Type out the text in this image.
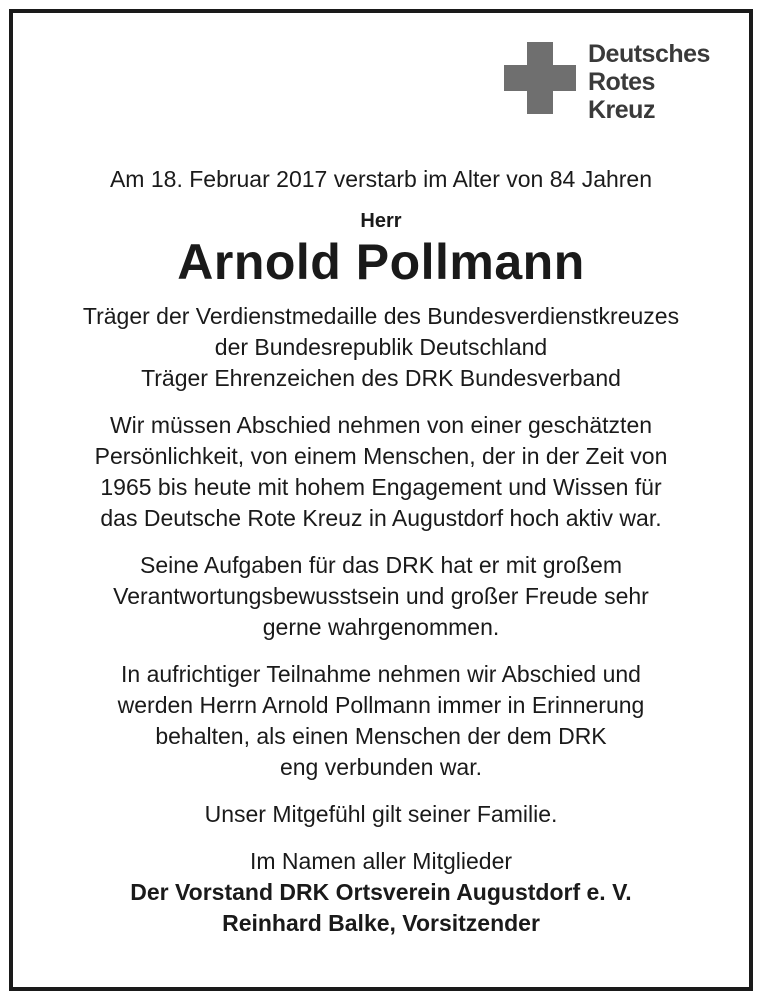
Deutsches
Rotes
Kreuz

Am 18. Februar 2017 verstarb im Alter von 84 Jahren

Herr

Arnold Pollmann

Träger der Verdienstmedaille des Bundesverdienstkreuzes

der Bundesrepublik Deutschland

Träger Ehrenzeichen des DRK Bundesverband

Wir müssen Abschied nehmen von einer geschätzten

Persönlichkeit, von einem Menschen, der in der Zeit von

1965 bis heute mit hohem Engagement und Wissen für

das Deutsche Rote Kreuz in Augustdorf hoch aktiv war.

Seine Aufgaben für das DRK hat er mit großem

Verantwortungsbewusstsein und großer Freude sehr

gerne wahrgenommen.

In aufrichtiger Teilnahme nehmen wir Abschied und

werden Herrn Arnold Pollmann immer in Erinnerung

behalten, als einen Menschen der dem DRK

eng verbunden war.

Unser Mitgefühl gilt seiner Familie.

Im Namen aller Mitglieder

Der Vorstand DRK Ortsverein Augustdorf e. V.

Reinhard Balke, Vorsitzender
